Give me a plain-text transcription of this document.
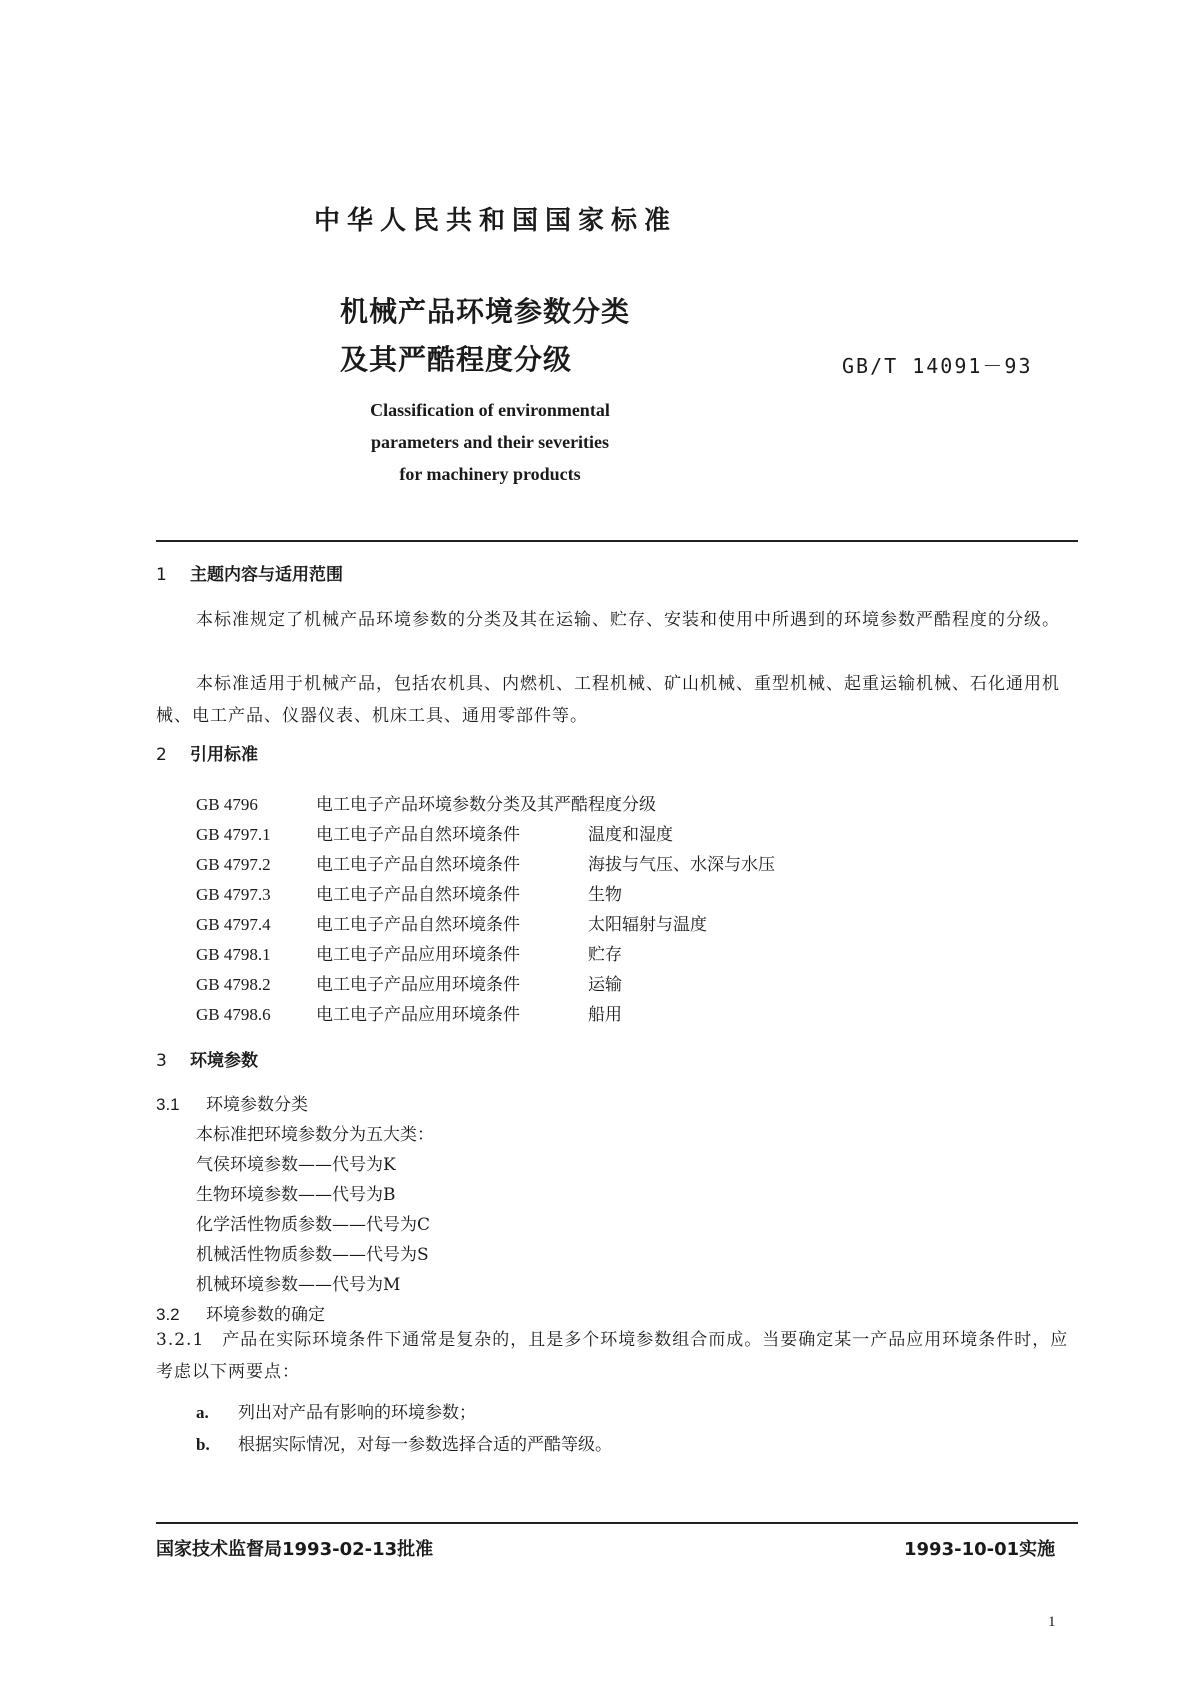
中华人民共和国国家标准
机械产品环境参数分类
及其严酷程度分级	GB/T 14091－93
Classification of environmental
parameters and their severities
for machinery products
1 主题内容与适用范围
本标准规定了机械产品环境参数的分类及其在运输、贮存、安装和使用中所遇到的环境参数严酷程度的分级。
本标准适用于机械产品，包括农机具、内燃机、工程机械、矿山机械、重型机械、起重运输机械、石化通用机械、电工产品、仪器仪表、机床工具、通用零部件等。
2 引用标准
GB 4796	电工电子产品环境参数分类及其严酷程度分级
GB 4797.1	电工电子产品自然环境条件	温度和湿度
GB 4797.2	电工电子产品自然环境条件	海拔与气压、水深与水压
GB 4797.3	电工电子产品自然环境条件	生物
GB 4797.4	电工电子产品自然环境条件	太阳辐射与温度
GB 4798.1	电工电子产品应用环境条件	贮存
GB 4798.2	电工电子产品应用环境条件	运输
GB 4798.6	电工电子产品应用环境条件	船用
3 环境参数
3.1 环境参数分类
本标准把环境参数分为五大类：
气侯环境参数——代号为K
生物环境参数——代号为B
化学活性物质参数——代号为C
机械活性物质参数——代号为S
机械环境参数——代号为M
3.2 环境参数的确定
3.2.1　产品在实际环境条件下通常是复杂的，且是多个环境参数组合而成。当要确定某一产品应用环境条件时，应考虑以下两要点：
a. 列出对产品有影响的环境参数；
b. 根据实际情况，对每一参数选择合适的严酷等级。
国家技术监督局1993-02-13批准	1993-10-01实施
1
